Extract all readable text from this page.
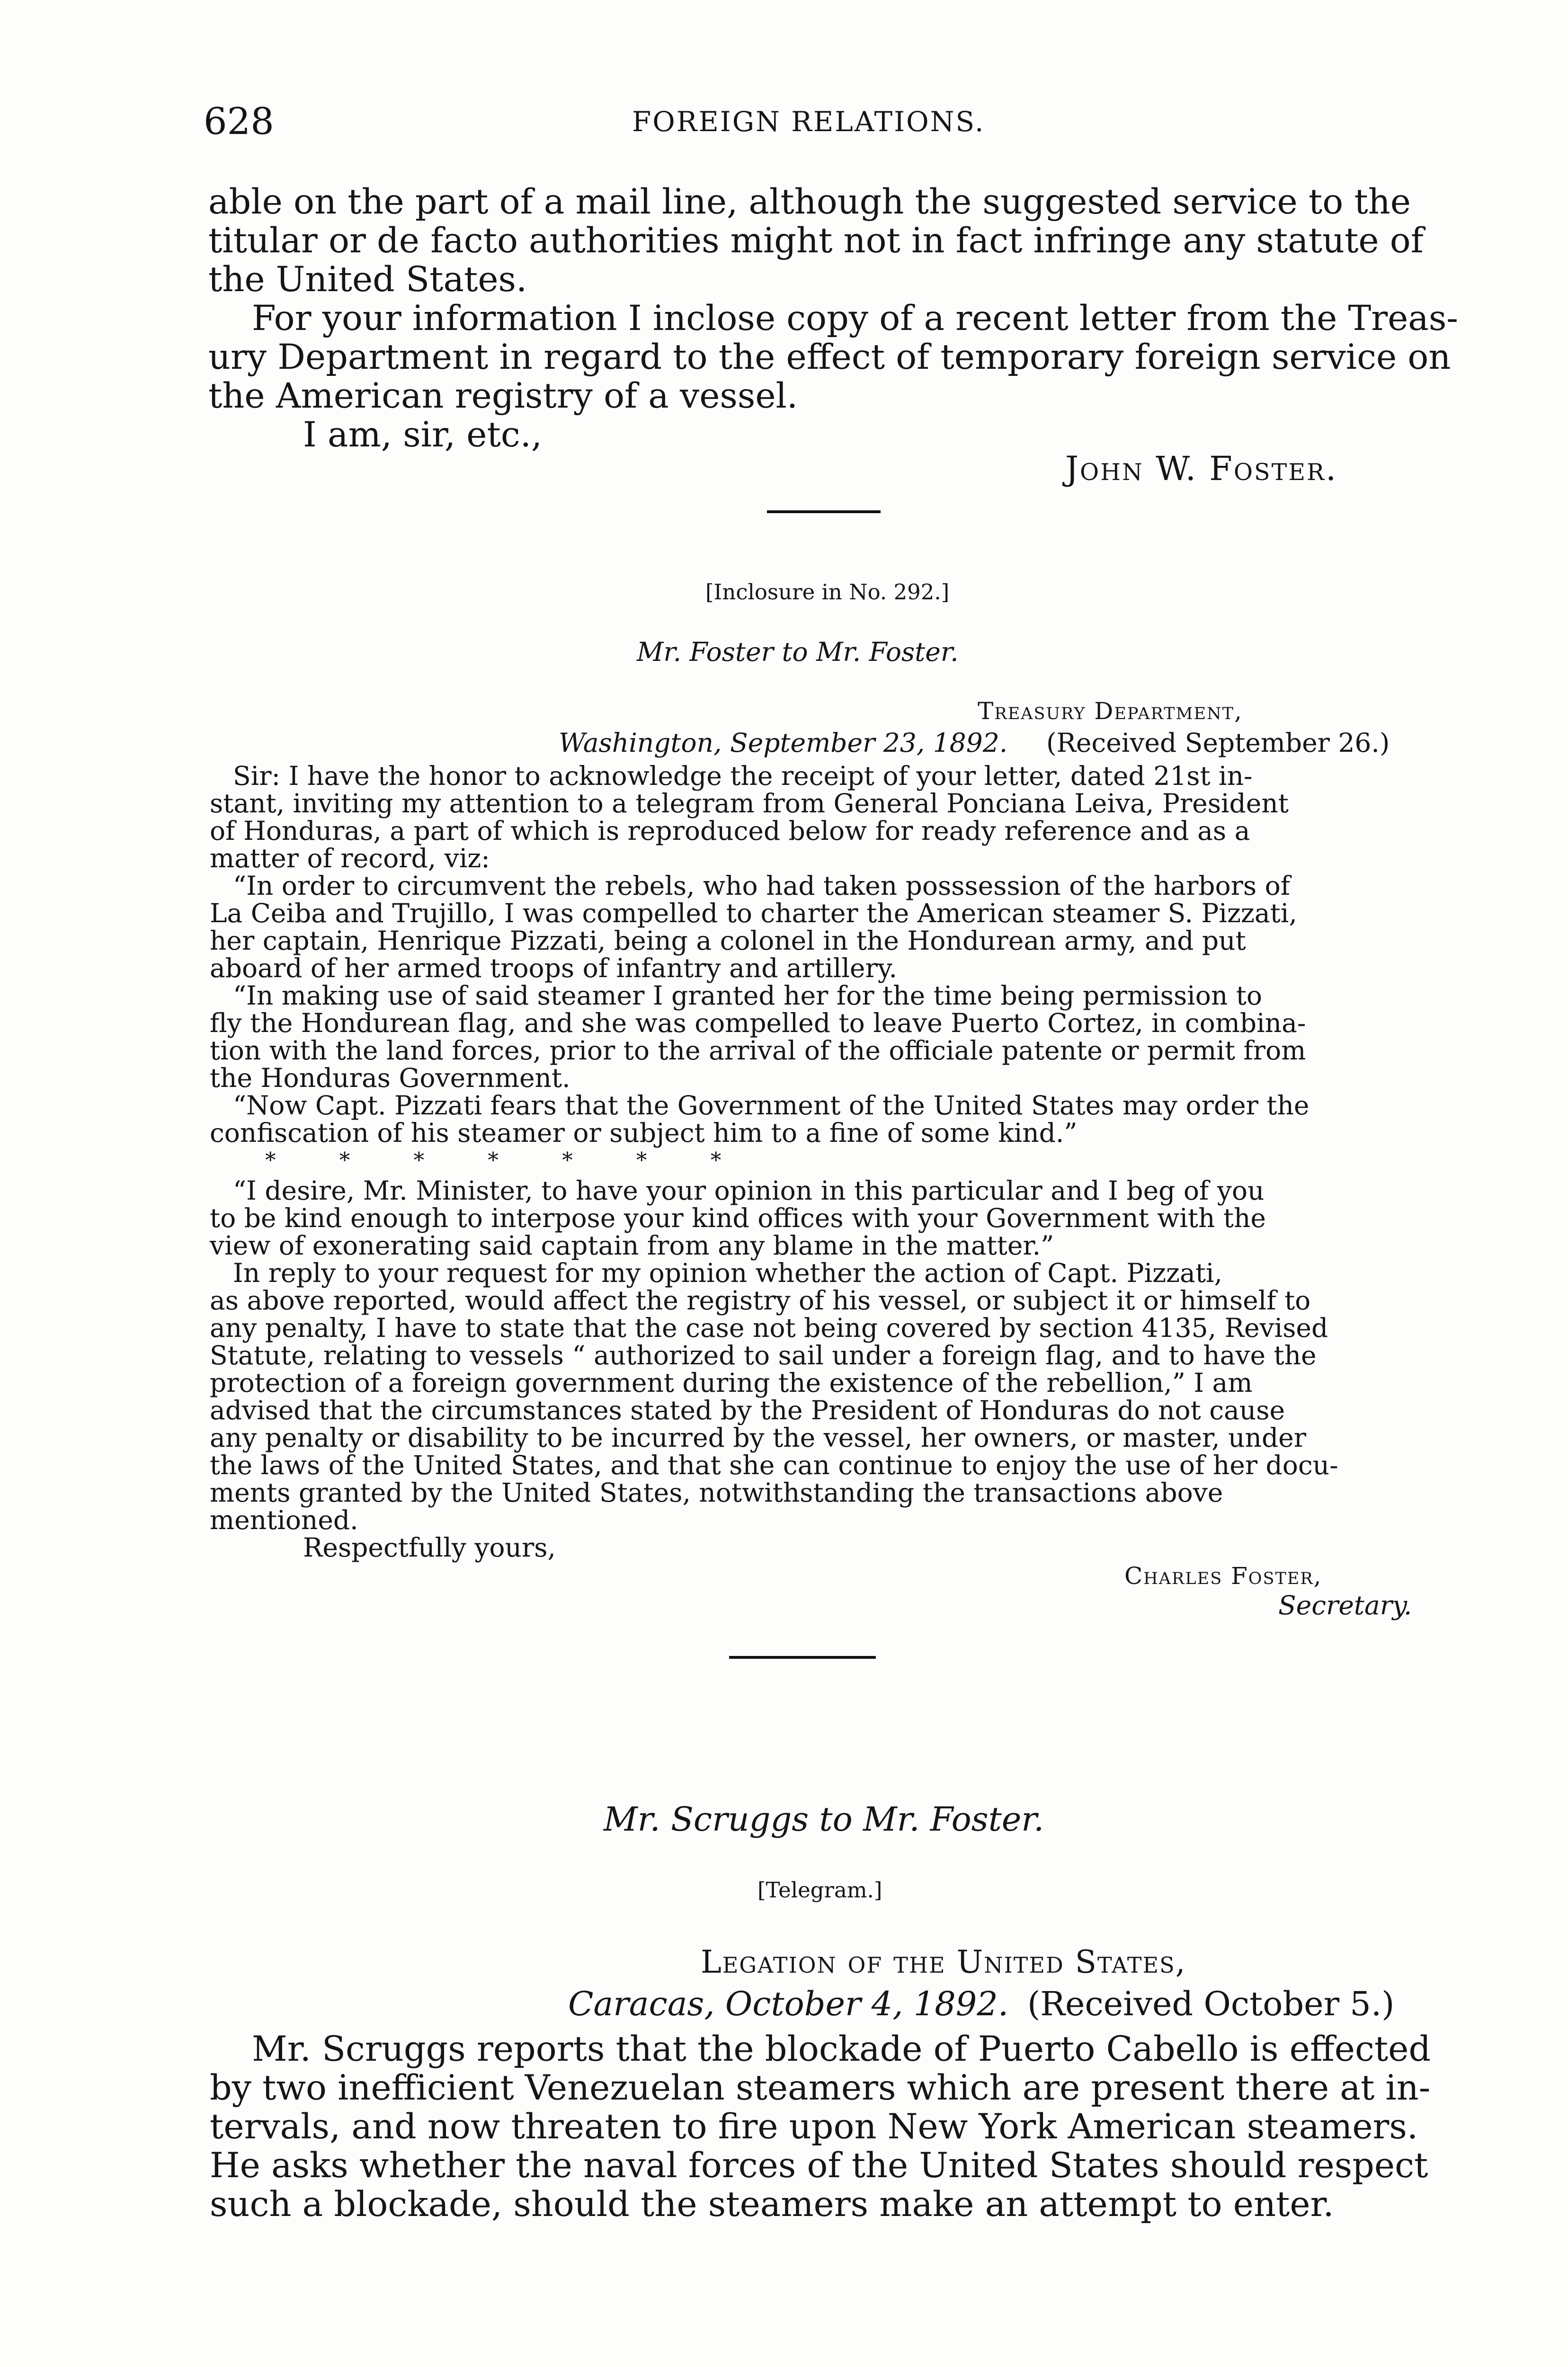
628	FOREIGN RELATIONS.
able on the part of a mail line, although the suggested service to the
titular or de facto authorities might not in fact infringe any statute of
the United States.
For your information I inclose copy of a recent letter from the Treas-
ury Department in regard to the effect of temporary foreign service on
the American registry of a vessel.
I am, sir, etc.,
John W. Foster.
[Inclosure in No. 292.]
Mr. Foster to Mr. Foster.
Treasury Department,
Washington, September 23, 1892. (Received September 26.)
Sir: I have the honor to acknowledge the receipt of your letter, dated 21st in-
stant, inviting my attention to a telegram from General Ponciana Leiva, President
of Honduras, a part of which is reproduced below for ready reference and as a
matter of record, viz:
“In order to circumvent the rebels, who had taken posssession of the harbors of
La Ceiba and Trujillo, I was compelled to charter the American steamer S. Pizzati,
her captain, Henrique Pizzati, being a colonel in the Hondurean army, and put
aboard of her armed troops of infantry and artillery.
“In making use of said steamer I granted her for the time being permission to
fly the Hondurean flag, and she was compelled to leave Puerto Cortez, in combina-
tion with the land forces, prior to the arrival of the officiale patente or permit from
the Honduras Government.
“Now Capt. Pizzati fears that the Government of the United States may order the
confiscation of his steamer or subject him to a fine of some kind.”
* * * * * * *
“I desire, Mr. Minister, to have your opinion in this particular and I beg of you
to be kind enough to interpose your kind offices with your Government with the
view of exonerating said captain from any blame in the matter.”
In reply to your request for my opinion whether the action of Capt. Pizzati,
as above reported, would affect the registry of his vessel, or subject it or himself to
any penalty, I have to state that the case not being covered by section 4135, Revised
Statute, relating to vessels “ authorized to sail under a foreign flag, and to have the
protection of a foreign government during the existence of the rebellion,” I am
advised that the circumstances stated by the President of Honduras do not cause
any penalty or disability to be incurred by the vessel, her owners, or master, under
the laws of the United States, and that she can continue to enjoy the use of her docu-
ments granted by the United States, notwithstanding the transactions above
mentioned.
Respectfully yours,
Charles Foster,
Secretary.
Mr. Scruggs to Mr. Foster.
[Telegram.]
Legation of the United States,
Caracas, October 4, 1892. (Received October 5.)
Mr. Scruggs reports that the blockade of Puerto Cabello is effected
by two inefficient Venezuelan steamers which are present there at in-
tervals, and now threaten to fire upon New York American steamers.
He asks whether the naval forces of the United States should respect
such a blockade, should the steamers make an attempt to enter.
